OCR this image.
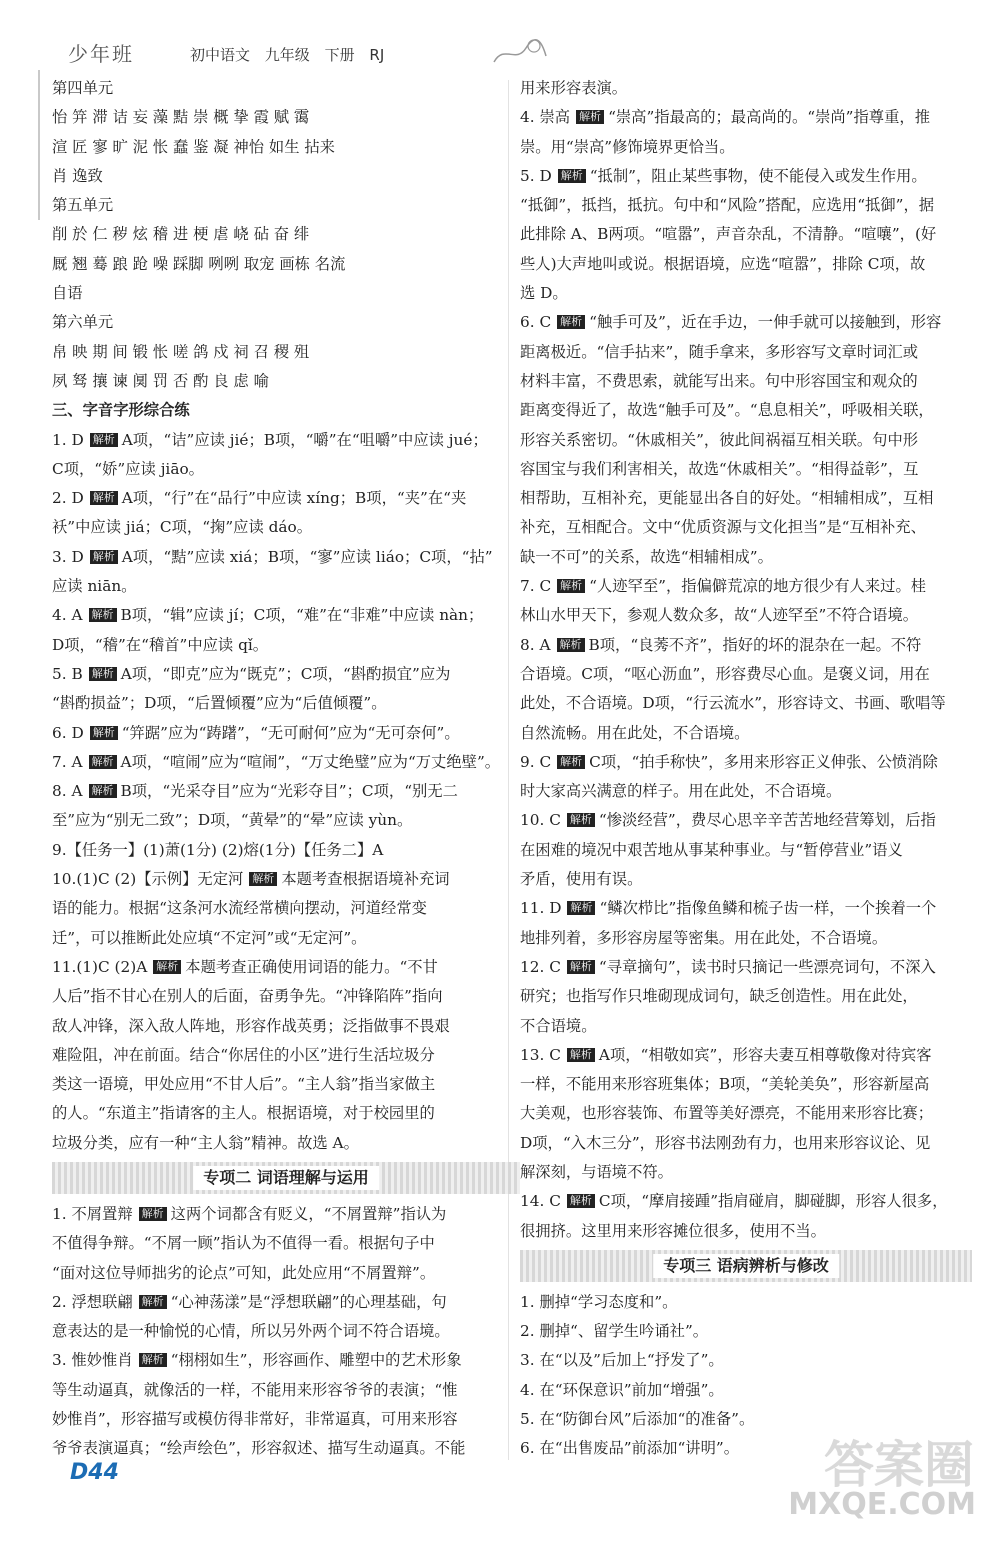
少年班	初中语文 九年级 下册 RJ
第四单元
怡 笄 滞 诘 妄 藻 黠 崇 概 挚 霞 赋 霭
渲 匠 寥 旷 泥 怅 蠢 鉴 凝 神怡 如生 拈来
肖 逸致
第五单元
削 於 仁 秽 炫 稽 进 梗 虐 峣 砧 奋 绯
厩 翘 蓦 踉 跄 噪 踩脚 咧咧 取宠 画栋 名流
自语
第六单元
帛 映 期 间 锻 怅 嗟 鸽 戍 祠 召 稷 殂
夙 驽 攘 谏 阒 罚 否 酌 良 虑 喻
三、字音字形综合练
1. D 解析 A项，“诘”应读 jié；B项，“嚼”在“咀嚼”中应读 jué；
C项，“娇”应读 jiāo。
2. D 解析 A项，“行”在“品行”中应读 xíng；B项，“夹”在“夹
袄”中应读 jiá；C项，“掬”应读 dáo。
3. D 解析 A项，“黠”应读 xiá；B项，“寥”应读 liáo；C项，“拈”
应读 niān。
4. A 解析 B项，“辑”应读 jí；C项，“难”在“非难”中应读 nàn；
D项，“稽”在“稽首”中应读 qǐ。
5. B 解析 A项，“即克”应为“既克”；C项，“斟酌损宜”应为
“斟酌损益”；D项，“后置倾覆”应为“后值倾覆”。
6. D 解析 “笄踞”应为“踌躇”，“无可耐何”应为“无可奈何”。
7. A 解析 A项，“喧闹”应为“喧闹”，“万丈绝璧”应为“万丈绝壁”。
8. A 解析 B项，“光采夺目”应为“光彩夺目”；C项，“别无二
至”应为“别无二致”；D项，“黄晕”的“晕”应读 yùn。
9.【任务一】(1)萧(1分) (2)熔(1分)【任务二】A
10.(1)C (2)【示例】无定河 解析 本题考查根据语境补充词
语的能力。根据“这条河水流经常横向摆动，河道经常变
迁”，可以推断此处应填“不定河”或“无定河”。
11.(1)C (2)A 解析 本题考查正确使用词语的能力。“不甘
人后”指不甘心在别人的后面，奋勇争先。“冲锋陷阵”指向
敌人冲锋，深入敌人阵地，形容作战英勇；泛指做事不畏艰
难险阻，冲在前面。结合“你居住的小区”进行生活垃圾分
类这一语境，甲处应用“不甘人后”。“主人翁”指当家做主
的人。“东道主”指请客的主人。根据语境，对于校园里的
垃圾分类，应有一种“主人翁”精神。故选 A。
专项二 词语理解与运用
1. 不屑置辩 解析 这两个词都含有贬义，“不屑置辩”指认为
不值得争辩。“不屑一顾”指认为不值得一看。根据句子中
“面对这位导师拙劣的论点”可知，此处应用“不屑置辩”。
2. 浮想联翩 解析 “心神荡漾”是“浮想联翩”的心理基础，句
意表达的是一种愉悦的心情，所以另外两个词不符合语境。
3. 惟妙惟肖 解析 “栩栩如生”，形容画作、雕塑中的艺术形象
等生动逼真，就像活的一样，不能用来形容爷爷的表演；“惟
妙惟肖”，形容描写或模仿得非常好，非常逼真，可用来形容
爷爷表演逼真；“绘声绘色”，形容叙述、描写生动逼真。不能
用来形容表演。
4. 崇高 解析 “崇高”指最高的；最高尚的。“崇尚”指尊重，推
崇。用“崇高”修饰境界更恰当。
5. D 解析 “抵制”，阻止某些事物，使不能侵入或发生作用。
“抵御”，抵挡，抵抗。句中和“风险”搭配，应选用“抵御”，据
此排除 A、B两项。“喧嚣”，声音杂乱，不清静。“喧嚷”，(好
些人)大声地叫或说。根据语境，应选“喧嚣”，排除 C项，故
选 D。
6. C 解析 “触手可及”，近在手边，一伸手就可以接触到，形容
距离极近。“信手拈来”，随手拿来，多形容写文章时词汇或
材料丰富，不费思索，就能写出来。句中形容国宝和观众的
距离变得近了，故选“触手可及”。“息息相关”，呼吸相关联，
形容关系密切。“休戚相关”，彼此间祸福互相关联。句中形
容国宝与我们利害相关，故选“休戚相关”。“相得益彰”，互
相帮助，互相补充，更能显出各自的好处。“相辅相成”，互相
补充，互相配合。文中“优质资源与文化担当”是“互相补充、
缺一不可”的关系，故选“相辅相成”。
7. C 解析 “人迹罕至”，指偏僻荒凉的地方很少有人来过。桂
林山水甲天下，参观人数众多，故“人迹罕至”不符合语境。
8. A 解析 B项，“良莠不齐”，指好的坏的混杂在一起。不符
合语境。C项，“呕心沥血”，形容费尽心血。是褒义词，用在
此处，不合语境。D项，“行云流水”，形容诗文、书画、歌唱等
自然流畅。用在此处，不合语境。
9. C 解析 C项，“拍手称快”，多用来形容正义伸张、公愤消除
时大家高兴满意的样子。用在此处，不合语境。
10. C 解析 “惨淡经营”，费尽心思辛辛苦苦地经营筹划，后指
在困难的境况中艰苦地从事某种事业。与“暂停营业”语义
矛盾，使用有误。
11. D 解析 “鳞次栉比”指像鱼鳞和梳子齿一样，一个挨着一个
地排列着，多形容房屋等密集。用在此处，不合语境。
12. C 解析 “寻章摘句”，读书时只摘记一些漂亮词句，不深入
研究；也指写作只堆砌现成词句，缺乏创造性。用在此处，
不合语境。
13. C 解析 A项，“相敬如宾”，形容夫妻互相尊敬像对待宾客
一样，不能用来形容班集体；B项，“美轮美奂”，形容新屋高
大美观，也形容装饰、布置等美好漂亮，不能用来形容比赛；
D项，“入木三分”，形容书法刚劲有力，也用来形容议论、见
解深刻，与语境不符。
14. C 解析 C项，“摩肩接踵”指肩碰肩，脚碰脚，形容人很多，
很拥挤。这里用来形容摊位很多，使用不当。
专项三 语病辨析与修改
1. 删掉“学习态度和”。
2. 删掉“、留学生吟诵社”。
3. 在“以及”后加上“抒发了”。
4. 在“环保意识”前加“增强”。
5. 在“防御台风”后添加“的准备”。
6. 在“出售废品”前添加“讲明”。
D44	答案圈
MXQE.COM
